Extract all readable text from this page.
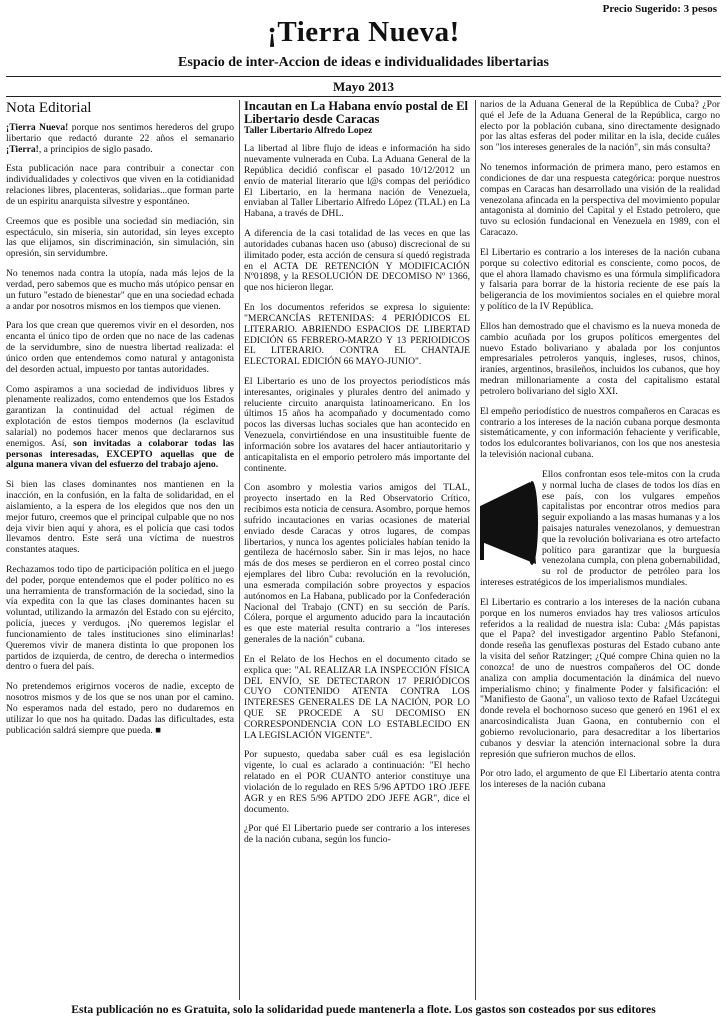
Precio Sugerido: 3 pesos
¡Tierra Nueva!
Espacio de inter-Accion de ideas e individualidades libertarias
Mayo 2013
Nota Editorial

¡Tierra Nueva! porque nos sentimos herederos del grupo libertario que redactó durante 22 años el semanario ¡Tierra!, a principios de siglo pasado.

Esta publicación nace para contribuir a conectar con individualidades y colectivos que viven en la cotidianidad relaciones libres, placenteras, solidarias...que forman parte de un espiritu anarquista silvestre y espontáneo.

Creemos que es posible una sociedad sin mediación, sin espectáculo, sin miseria, sin autoridad, sin leyes excepto las que elijamos, sin discriminación, sin simulación, sin opresión, sin servidumbre.

No tenemos nada contra la utopía, nada más lejos de la verdad, pero sabemos que es mucho más utópico pensar en un futuro "estado de bienestar" que en una sociedad echada a andar por nosotros mismos en los tiempos que vienen.

Para los que crean que queremos vivir en el desorden, nos encanta el único tipo de orden que no nace de las cadenas de la servidumbre, sino de nuestra libertad realizada: el único orden que entendemos como natural y antagonista del desorden actual, impuesto por tantas autoridades.

Como aspiramos a una sociedad de individuos libres y plenamente realizados, como entendemos que los Estados garantizan la continuidad del actual régimen de explotación de estos tiempos modernos (la esclavitud salarial) no podemos hacer menos que declararnos sus enemigos. Así, son invitadas a colaborar todas las personas interesadas, EXCEPTO aquellas que de alguna manera vivan del esfuerzo del trabajo ajeno.

Si bien las clases dominantes nos mantienen en la inacción, en la confusión, en la falta de solidaridad, en el aislamiento, a la espera de los elegidos que nos den un mejor futuro, creemos que el principal culpable que no nos deja vivir bien aquí y ahora, es el policía que casi todos llevamos dentro. Este será una víctima de nuestros constantes ataques.

Rechazamos todo tipo de participación política en el juego del poder, porque entendemos que el poder político no es una herramienta de transformación de la sociedad, sino la vía expedita con la que las clases dominantes hacen su voluntad, utilizando la armazón del Estado con su ejército, policía, jueces y verdugos. ¡No queremos legislar el funcionamiento de tales instituciones sino eliminarlas! Queremos vivir de manera distinta lo que proponen los partidos de izquierda, de centro, de derecha o intermedios dentro o fuera del país.

No pretendemos erigirnos voceros de nadie, excepto de nosotros mismos y de los que se nos unan por el camino. No esperamos nada del estado, pero no dudaremos en utilizar lo que nos ha quitado. Dadas las dificultades, esta publicación saldrá siempre que pueda. ■

Incautan en La Habana envío postal de El Libertario desde Caracas
Taller Libertario Alfredo Lopez

La libertad al libre flujo de ideas e información ha sido nuevamente vulnerada en Cuba. La Aduana General de la República decidió confiscar el pasado 10/12/2012 un envío de material literario que l@s compas del periódico El Libertario, en la hermana nación de Venezuela, enviaban al Taller Libertario Alfredo López (TLAL) en La Habana, a través de DHL.

A diferencia de la casi totalidad de las veces en que las autoridades cubanas hacen uso (abuso) discrecional de su ilimitado poder, esta acción de censura sí quedó registrada en el ACTA DE RETENCIÓN Y MODIFICACIÓN Nº01898, y la RESOLUCIÓN DE DECOMISO Nº 1366, que nos hicieron llegar.

En los documentos referidos se expresa lo siguiente: "MERCANCÍAS RETENIDAS: 4 PERIÓDICOS EL LITERARIO. ABRIENDO ESPACIOS DE LIBERTAD EDICIÓN 65 FEBRERO-MARZO Y 13 PERIOIDICOS EL LITERARIO. CONTRA EL CHANTAJE ELECTORAL EDICIÓN 66 MAYO-JUNIO".

El Libertario es uno de los proyectos periodísticos más interesantes, originales y plurales dentro del animado y reluciente circuito anarquista latinoamericano. En los últimos 15 años ha acompañado y documentado como pocos las diversas luchas sociales que han acontecido en Venezuela, convirtiéndose en una insustituible fuente de información sobre los avatares del hacer antiautoritario y anticapitalista en el emporio petrolero más importante del continente.

Con asombro y molestia varios amigos del TLAL, proyecto insertado en la Red Observatorio Crítico, recibimos esta noticia de censura. Asombro, porque hemos sufrido incautaciones en varias ocasiones de material enviado desde Caracas y otros lugares, de compas libertarios, y nunca los agentes policiales habían tenido la gentileza de hacérnoslo saber. Sin ir mas lejos, no hace más de dos meses se perdieron en el correo postal cinco ejemplares del libro Cuba: revolución en la revolución, una esmerada compilación sobre proyectos y espacios autónomos en La Habana, publicado por la Confederación Nacional del Trabajo (CNT) en su sección de París. Cólera, porque el argumento aducido para la incautación es que este material resulta contrario a "los intereses generales de la nación" cubana.

En el Relato de los Hechos en el documento citado se explica que: "AL REALIZAR LA INSPECCIÓN FÍSICA DEL ENVÍO, SE DETECTARON 17 PERIÓDICOS CUYO CONTENIDO ATENTA CONTRA LOS INTERESES GENERALES DE LA NACIÓN, POR LO QUE SE PROCEDE A SU DECOMISO EN CORRESPONDENCIA CON LO ESTABLECIDO EN LA LEGISLACIÓN VIGENTE".

Por supuesto, quedaba saber cuál es esa legislación vigente, lo cual es aclarado a continuación: "El hecho relatado en el POR CUANTO anterior constituye una violación de lo regulado en RES 5/96 APTDO 1RO JEFE AGR y en RES 5/96 APTDO 2DO JEFE AGR", dice el documento.

¿Por qué El Libertario puede ser contrario a los intereses de la nación cubana, según los funcio-

narios de la Aduana General de la República de Cuba? ¿Por qué el Jefe de la Aduana General de la República, cargo no electo por la población cubana, sino directamente designado por las altas esferas del poder militar en la isla, decide cuáles son "los intereses generales de la nación", sin más consulta?

No tenemos información de primera mano, pero estamos en condiciones de dar una respuesta categórica: porque nuestros compas en Caracas han desarrollado una visión de la realidad venezolana afincada en la perspectiva del movimiento popular antagonista al dominio del Capital y el Estado petrolero, que tuvo su eclosión fundacional en Venezuela en 1989, con el Caracazo.

El Libertario es contrario a los intereses de la nación cubana porque su colectivo editorial es consciente, como pocos, de que el ahora llamado chavismo es una fórmula simplificadora y falsaria para borrar de la historia reciente de ese país la beligerancia de los movimientos sociales en el quiebre moral y político de la IV República.

Ellos han demostrado que el chavismo es la nueva moneda de cambio acuñada por los grupos políticos emergentes del nuevo Estado bolivariano y abalada por los conjuntos empresariales petroleros yanquis, ingleses, rusos, chinos, iraníes, argentinos, brasileños, incluidos los cubanos, que hoy medran millonariamente a costa del capitalismo estatal petrolero bolivariano del siglo XXI.

El empeño periodístico de nuestros compañeros en Caracas es contrario a los intereses de la nación cubana porque desmonta sistemáticamente, y con información fehaciente y verificable, todos los edulcorantes bolivarianos, con los que nos anestesia la televisión nacional cubana.

Ellos confrontan esos tele-mitos con la cruda y normal lucha de clases de todos los días en ese país, con los vulgares empeños capitalistas por encontrar otros medios para seguir expoliando a las masas humanas y a los paisajes naturales venezolanos, y demuestran que la revolución bolivariana es otro artefacto político para garantizar que la burguesía venezolana cumpla, con plena gobernabilidad, su rol de productor de petróleo para los intereses estratégicos de los imperialismos mundiales.

El Libertario es contrario a los intereses de la nación cubana porque en los numeros enviados hay tres valiosos artículos referidos a la realidad de nuestra isla: Cuba: ¿Más papistas que el Papa? del investigador argentino Pablo Stefanoni, donde reseña las genuflexas posturas del Estado cubano ante la visita del señor Ratzinger; ¿Qué compre China quien no la conozca! de uno de nuestros compañeros del OC donde analiza con amplia documentación la dinámica del nuevo imperialismo chino; y finalmente Poder y falsificación: el "Manifiesto de Gaona", un valioso texto de Rafael Uzcátegui donde revela el bochornoso suceso que generó en 1961 el ex anarcosindicalista Juan Gaona, en contubernio con el gobierno revolucionario, para desacreditar a los libertarios cubanos y desviar la atención internacional sobre la dura represión que sufrieron muchos de ellos.

Por otro lado, el argumento de que El Libertario atenta contra los intereses de la nación cubana

Esta publicación no es Gratuita, solo la solidaridad puede mantenerla a flote. Los gastos son costeados por sus editores
